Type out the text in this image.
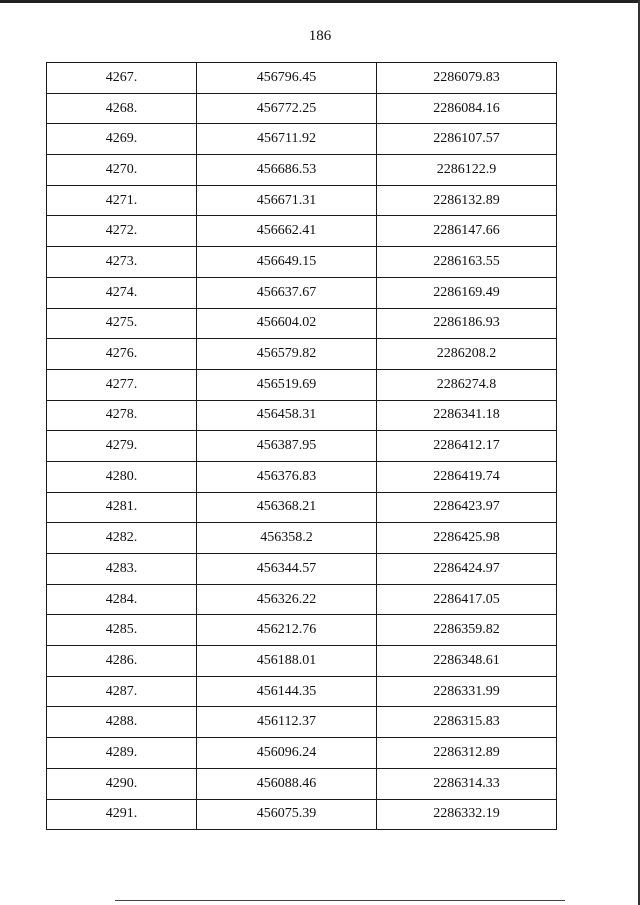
186
4267.	456796.45	2286079.83
4268.	456772.25	2286084.16
4269.	456711.92	2286107.57
4270.	456686.53	2286122.9
4271.	456671.31	2286132.89
4272.	456662.41	2286147.66
4273.	456649.15	2286163.55
4274.	456637.67	2286169.49
4275.	456604.02	2286186.93
4276.	456579.82	2286208.2
4277.	456519.69	2286274.8
4278.	456458.31	2286341.18
4279.	456387.95	2286412.17
4280.	456376.83	2286419.74
4281.	456368.21	2286423.97
4282.	456358.2	2286425.98
4283.	456344.57	2286424.97
4284.	456326.22	2286417.05
4285.	456212.76	2286359.82
4286.	456188.01	2286348.61
4287.	456144.35	2286331.99
4288.	456112.37	2286315.83
4289.	456096.24	2286312.89
4290.	456088.46	2286314.33
4291.	456075.39	2286332.19
